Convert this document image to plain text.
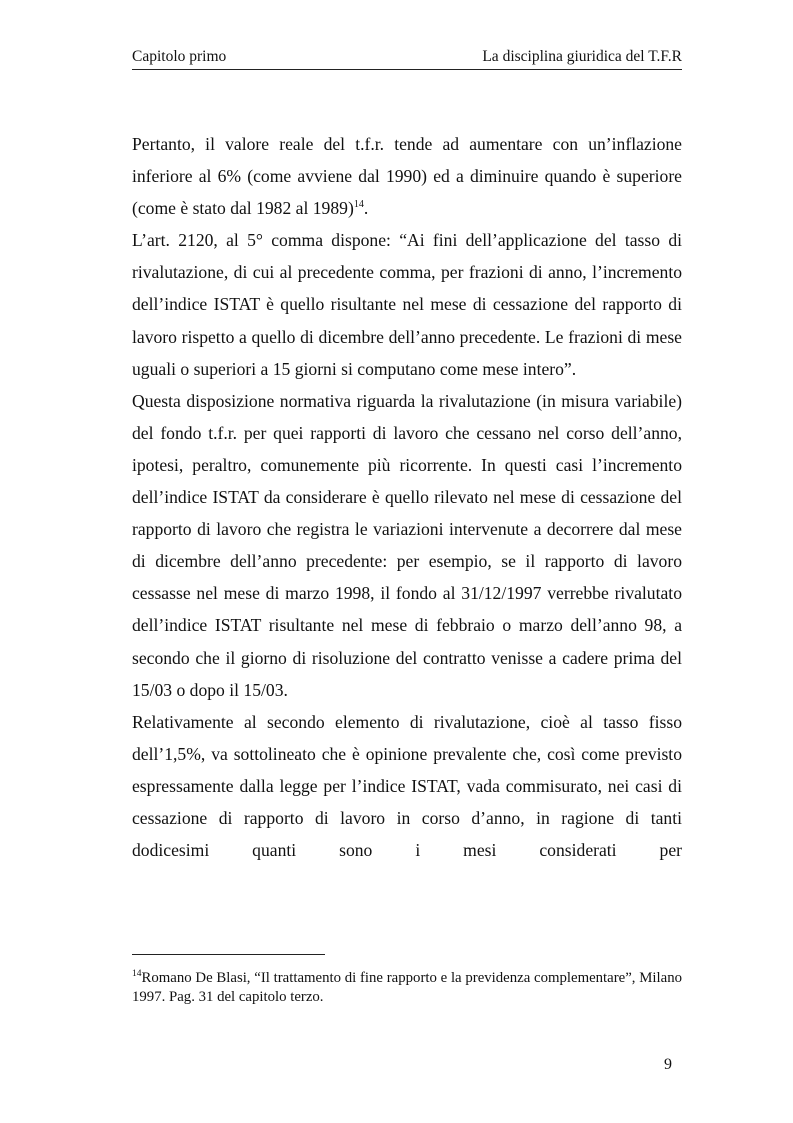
Capitolo primo	La disciplina giuridica del T.F.R

Pertanto, il valore reale del t.f.r. tende ad aumentare con un’inflazione inferiore al 6% (come avviene dal 1990) ed a diminuire quando è superiore (come è stato dal 1982 al 1989)$^{14}$.

L’art. 2120, al 5° comma dispone: “Ai fini dell’applicazione del tasso di rivalutazione, di cui al precedente comma, per frazioni di anno, l’incremento dell’indice ISTAT è quello risultante nel mese di cessazione del rapporto di lavoro rispetto a quello di dicembre dell’anno precedente. Le frazioni di mese uguali o superiori a 15 giorni si computano come mese intero”.

Questa disposizione normativa riguarda la rivalutazione (in misura variabile) del fondo t.f.r. per quei rapporti di lavoro che cessano nel corso dell’anno, ipotesi, peraltro, comunemente più ricorrente. In questi casi l’incremento dell’indice ISTAT da considerare è quello rilevato nel mese di cessazione del rapporto di lavoro che registra le variazioni intervenute a decorrere dal mese di dicembre dell’anno precedente: per esempio, se il rapporto di lavoro cessasse nel mese di marzo 1998, il fondo al 31/12/1997 verrebbe rivalutato dell’indice ISTAT risultante nel mese di febbraio o marzo dell’anno 98, a secondo che il giorno di risoluzione del contratto venisse a cadere prima del 15/03 o dopo il 15/03.

Relativamente al secondo elemento di rivalutazione, cioè al tasso fisso dell’1,5%, va sottolineato che è opinione prevalente che, così come previsto espressamente dalla legge per l’indice ISTAT, vada commisurato, nei casi di cessazione di rapporto di lavoro in corso d’anno, in ragione di tanti dodicesimi quanti sono i mesi considerati per

$^{14}$Romano De Blasi, “Il trattamento di fine rapporto e la previdenza complementare”, Milano 1997. Pag. 31 del capitolo terzo.
9
